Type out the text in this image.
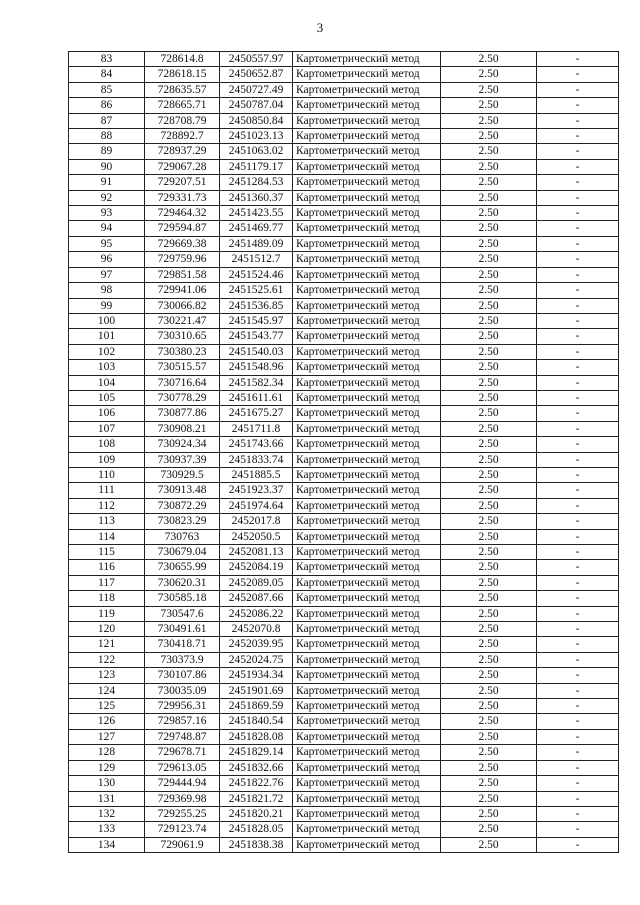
3
83	728614.8	2450557.97	Картометрический метод	2.50	-
84	728618.15	2450652.87	Картометрический метод	2.50	-
85	728635.57	2450727.49	Картометрический метод	2.50	-
86	728665.71	2450787.04	Картометрический метод	2.50	-
87	728708.79	2450850.84	Картометрический метод	2.50	-
88	728892.7	2451023.13	Картометрический метод	2.50	-
89	728937.29	2451063.02	Картометрический метод	2.50	-
90	729067.28	2451179.17	Картометрический метод	2.50	-
91	729207.51	2451284.53	Картометрический метод	2.50	-
92	729331.73	2451360.37	Картометрический метод	2.50	-
93	729464.32	2451423.55	Картометрический метод	2.50	-
94	729594.87	2451469.77	Картометрический метод	2.50	-
95	729669.38	2451489.09	Картометрический метод	2.50	-
96	729759.96	2451512.7	Картометрический метод	2.50	-
97	729851.58	2451524.46	Картометрический метод	2.50	-
98	729941.06	2451525.61	Картометрический метод	2.50	-
99	730066.82	2451536.85	Картометрический метод	2.50	-
100	730221.47	2451545.97	Картометрический метод	2.50	-
101	730310.65	2451543.77	Картометрический метод	2.50	-
102	730380.23	2451540.03	Картометрический метод	2.50	-
103	730515.57	2451548.96	Картометрический метод	2.50	-
104	730716.64	2451582.34	Картометрический метод	2.50	-
105	730778.29	2451611.61	Картометрический метод	2.50	-
106	730877.86	2451675.27	Картометрический метод	2.50	-
107	730908.21	2451711.8	Картометрический метод	2.50	-
108	730924.34	2451743.66	Картометрический метод	2.50	-
109	730937.39	2451833.74	Картометрический метод	2.50	-
110	730929.5	2451885.5	Картометрический метод	2.50	-
111	730913.48	2451923.37	Картометрический метод	2.50	-
112	730872.29	2451974.64	Картометрический метод	2.50	-
113	730823.29	2452017.8	Картометрический метод	2.50	-
114	730763	2452050.5	Картометрический метод	2.50	-
115	730679.04	2452081.13	Картометрический метод	2.50	-
116	730655.99	2452084.19	Картометрический метод	2.50	-
117	730620.31	2452089.05	Картометрический метод	2.50	-
118	730585.18	2452087.66	Картометрический метод	2.50	-
119	730547.6	2452086.22	Картометрический метод	2.50	-
120	730491.61	2452070.8	Картометрический метод	2.50	-
121	730418.71	2452039.95	Картометрический метод	2.50	-
122	730373.9	2452024.75	Картометрический метод	2.50	-
123	730107.86	2451934.34	Картометрический метод	2.50	-
124	730035.09	2451901.69	Картометрический метод	2.50	-
125	729956.31	2451869.59	Картометрический метод	2.50	-
126	729857.16	2451840.54	Картометрический метод	2.50	-
127	729748.87	2451828.08	Картометрический метод	2.50	-
128	729678.71	2451829.14	Картометрический метод	2.50	-
129	729613.05	2451832.66	Картометрический метод	2.50	-
130	729444.94	2451822.76	Картометрический метод	2.50	-
131	729369.98	2451821.72	Картометрический метод	2.50	-
132	729255.25	2451820.21	Картометрический метод	2.50	-
133	729123.74	2451828.05	Картометрический метод	2.50	-
134	729061.9	2451838.38	Картометрический метод	2.50	-
